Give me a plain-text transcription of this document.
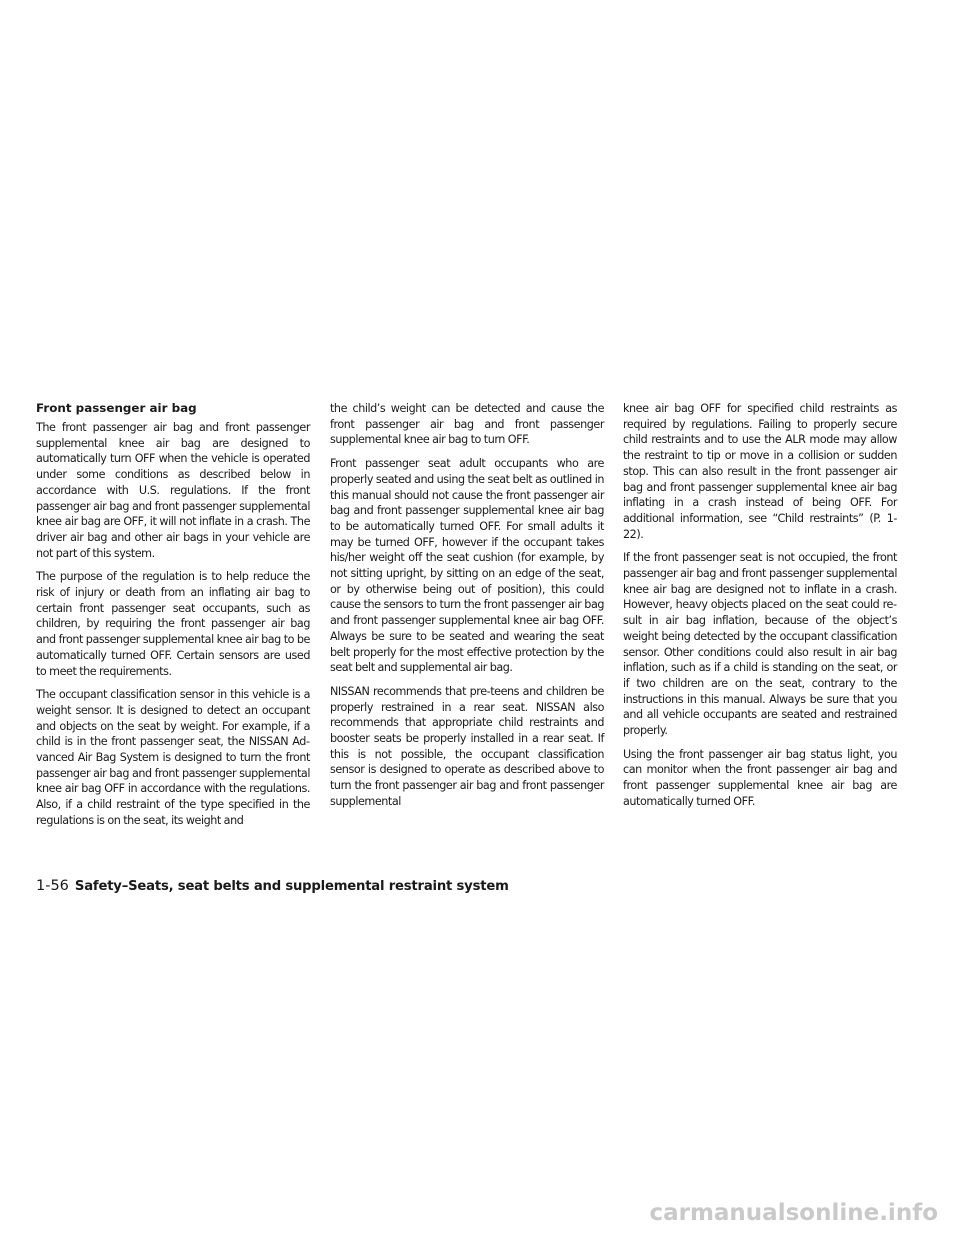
Front passenger air bag

The front passenger air bag and front passenger supplemental knee air bag are designed to automatically turn OFF when the vehicle is operated under some conditions as described below in accordance with U.S. regulations. If the front passenger air bag and front passenger supplemental knee air bag are OFF, it will not inflate in a crash. The driver air bag and other air bags in your vehicle are not part of this system.

The purpose of the regulation is to help reduce the risk of injury or death from an inflating air bag to certain front passenger seat occupants, such as children, by requiring the front passenger air bag and front passenger supplemental knee air bag to be automatically turned OFF. Certain sensors are used to meet the requirements.

The occupant classification sensor in this vehicle is a weight sensor. It is designed to detect an occupant and objects on the seat by weight. For example, if a child is in the front passenger seat, the NISSAN Advanced Air Bag System is designed to turn the front passenger air bag and front passenger supplemental knee air bag OFF in accordance with the regulations. Also, if a child restraint of the type specified in the regulations is on the seat, its weight and

the child’s weight can be detected and cause the front passenger air bag and front passenger supplemental knee air bag to turn OFF.

Front passenger seat adult occupants who are properly seated and using the seat belt as outlined in this manual should not cause the front passenger air bag and front passenger supplemental knee air bag to be automatically turned OFF. For small adults it may be turned OFF, however if the occupant takes his/her weight off the seat cushion (for example, by not sitting upright, by sitting on an edge of the seat, or by otherwise being out of position), this could cause the sensors to turn the front passenger air bag and front passenger supplemental knee air bag OFF. Always be sure to be seated and wearing the seat belt properly for the most effective protection by the seat belt and supplemental air bag.

NISSAN recommends that pre-teens and children be properly restrained in a rear seat. NISSAN also recommends that appropriate child restraints and booster seats be properly installed in a rear seat. If this is not possible, the occupant classification sensor is designed to operate as described above to turn the front passenger air bag and front passenger supplemental

knee air bag OFF for specified child restraints as required by regulations. Failing to properly secure child restraints and to use the ALR mode may allow the restraint to tip or move in a collision or sudden stop. This can also result in the front passenger air bag and front passenger supplemental knee air bag inflating in a crash instead of being OFF. For additional information, see “Child restraints” (P. 1-22).

If the front passenger seat is not occupied, the front passenger air bag and front passenger supplemental knee air bag are designed not to inflate in a crash. However, heavy objects placed on the seat could result in air bag inflation, because of the object’s weight being detected by the occupant classification sensor. Other conditions could also result in air bag inflation, such as if a child is standing on the seat, or if two children are on the seat, contrary to the instructions in this manual. Always be sure that you and all vehicle occupants are seated and restrained properly.

Using the front passenger air bag status light, you can monitor when the front passenger air bag and front passenger supplemental knee air bag are automatically turned OFF.

1-56 Safety–Seats, seat belts and supplemental restraint system
carmanualsonline.info
